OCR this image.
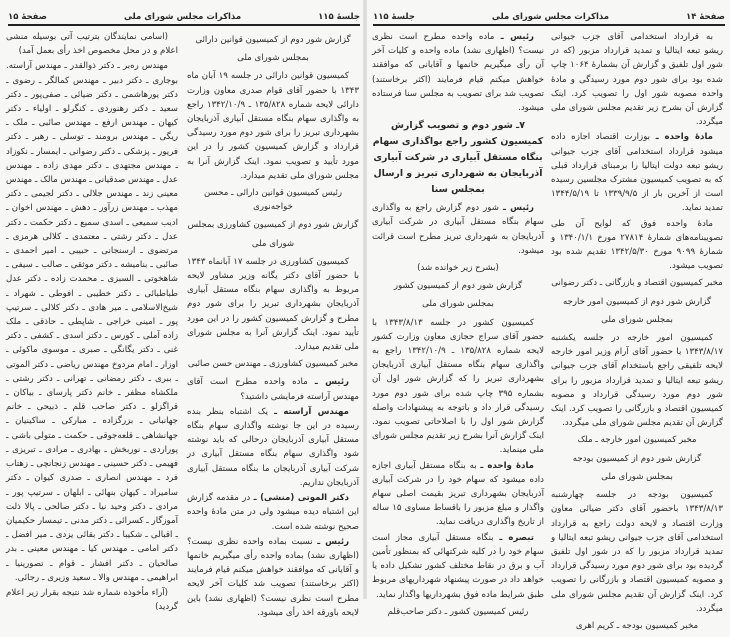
جلسهٔ ۱۱۵
مذاکرات مجلس شورای ملی
صفحهٔ ۱۵

گزارش شور دوم از کمیسیون قوانین دارائی

بمجلس شورای ملی

کمیسیون قوانین دارائی در جلسه ۱۹ آبان ماه ۱۳۴۳ با حضور آقای قوام صدری معاون وزارت دارائی لایحه شماره ۱۳۵/۸۲۸ ـ ۱۳۴۲/۱۰/۹ راجع به واگذاری سهام بنگاه مستقل آبیاری آذربایجان بشهرداری تبریز را برای شور دوم مورد رسیدگی قرارداد و گزارش کمیسیون کشور را در این مورد تأیید و تصویب نمود. اینک گزارش آنرا به مجلس شورای ملی تقدیم میدارد.

رئیس کمیسیون قوانین دارائی ـ محسن خواجه‌نوری

گزارش شور دوم از کمیسیون کشاورزی بمجلس

شورای ملی

کمیسیون کشاورزی در جلسه ۱۷ آبانماه ۱۳۴۳ با حضور آقای دکتر یگانه وزیر مشاور لایحه مربوط به واگذاری سهام بنگاه مستقل آبیاری آذربایجان بشهرداری تبریز را برای شور دوم مطرح و گزارش کمیسیون کشور را در این مورد تأیید نمود. اینک گزارش آنرا به مجلس شورای ملی تقدیم میدارد.

مخبر کمیسیون کشاورزی ـ مهندس حسن صائبی

رئیس ـ ماده واحده مطرح است آقای مهندس آراسته فرمایشی داشتید؟

مهندس آراسته ـ یک اشتباه بنظر بنده رسیده در این جا نوشته واگذاری سهام بنگاه مستقل آبیاری آذربایجان درحالی که باید نوشته شود واگذاری سهام بنگاه مستقل آبیاری در شرکت آبیاری آذربایجان ما بنگاه مستقل آبیاری آذربایجان نداریم.

دکتر الموتی (منشی) ـ در مقدمه گزارش این اشتباه دیده میشود ولی در متن مادهٔ واحده صحیح نوشته شده است.

رئیس ـ نسبت بماده واحده نظری نیست؟ (اظهاری نشد) بماده واحده رأی میگیریم خانمها و آقایانی که موافقند خواهش میکنم قیام فرمایند (اکثر برخاستند) تصویب شد کلیات آخر لایحه مطرح است نظری نیست؟ (اظهاری نشد) باین لایحه باورقه اخذ رأی میشود.

(اسامی نمایندگان بترتیب آتی بوسیله منشی اعلام و در محل مخصوص اخذ رأی بعمل آمد)

مهندس ره‌بر ـ دکتر ذوالقدر ـ مهندس آراسته. بوجاری ـ دکتر دبیر ـ مهندس کمالگر ـ رضوی ـ دکتر یورهاشمی ـ دکتر ضیائی ـ صفی‌پور ـ دکتر سعید ـ دکتر رهنوردی ـ کنگرلو ـ اولیاء ـ دکتر کیهان ـ مهندس ارفع ـ مهندس صائبی ـ ملک ـ ریگی ـ مهندس برومند ـ توسلی ـ رهبر ـ دکتر فریور ـ پزشکی ـ دکتر رضوانی ـ ایمسار ـ نکوزاد ـ مهندس مجتهدی ـ دکتر مهدی زاده ـ مهندس عدل ـ مهندس صدقیانی ـ مهندس مالک ـ مهندس معینی زند ـ مهندس جلالی ـ دکتر لجیمی ـ دکتر مهذب ـ مهندس زرآور ـ دهش ـ مهندس اخوان ـ ادیب سمیعی ـ اسدی سمیع ـ دکتر حکمت ـ دکتر عدل ـ دکتر رشتی ـ معتمدی ـ کلالی هرمزی ـ مرتضوی ـ ارسنجانی ـ حبیبی ـ امیر احمدی ـ صائبی ـ بنامیشه ـ دکتر موثقی ـ صالب ـ سیفی ـ شاهخوتی ـ السبزی ـ محمدت زاده ـ دکتر عدل طباطبائی ـ دکتر خطیبی ـ افوطی ـ شهراد ـ شیخ‌الاسلامی ـ میر هادی ـ دکتر کلالی ـ سرتیپ پور ـ امینی خراجی ـ شاپطی ـ حاذقی ـ ملک زاده آملی ـ کورس ـ دکتر اسدی ـ کشفی ـ دکتر غنی ـ دکتر یگانگی ـ صبری ـ موسوی ماکوئی ـ اوزار ـ امام مردوخ مهندس ریاضی ـ دکتر الموتی ـ ببری ـ دکتر رمضانی ـ تهرانی ـ دکتر رشتی ـ ملکشاه مظفر ـ خانم دکتر پارسای ـ بیاکان ـ قراگزلو ـ دکتر صاحب قلم ـ ذبیحی ـ خانم جهانبانی ـ بزرگزاده ـ مبارکی ـ ساکینیان ـ جهانشاهی ـ قلعه‌جوقی ـ حکمت ـ متولی باشی ـ پوراردی ـ نوربخش ـ بهادری ـ مرادی ـ تبریزی ـ فهیمی ـ دکتر حسینی ـ مهندس زنجانچی ـ زهتاب فرد ـ مهندس انصاری ـ صدری کیوان ـ دکتر سامیراد ـ کیهان بنهائی ـ ابلهان ـ سرتیپ پور ـ مرادی ـ دکتر وحید نیا ـ دکتر صالحی ـ پالا ذلت آموزگار ـ کسرائی ـ دکتر مدنی ـ تیمسار حکیمیان ـ اقبالی ـ شکیبا ـ دکتر بقائی یزدی ـ میر افضل ـ دکتر امامی ـ مهندس کیا ـ مهندس معینی ـ بدر صالحیان ـ دکتر افشار ـ قوام ـ تصورینیا ـ ابراهیمی ـ مهندس والا ـ سعید وزیری ـ رجائی.

(آراء مأخوذه شماره شد نتیجه بقرار زیر اعلام گردید)

صفحهٔ ۱۴
مذاکرات مجلس شورای ملی
جلسهٔ ۱۱۵

به قرارداد استخدامی آقای جزب جیوانی ریشو تبعه ایتالیا و تمدید قرارداد مزبور (که در شور اول تلفیق و گزارش آن بشمارهٔ ۱۰۶۴ چاپ شده بود برای شور دوم مورد رسیدگی و مادهٔ واحده مصوبه شور اول را تصویب کرد. اینک گزارش آن بشرح زیر تقدیم مجلس شورای ملی میگردد.

مادهٔ واحده ـ بوزارت اقتصاد اجازه داده میشود قرارداد استخدامی آقای جزب جیوانی ریشو تبعه دولت ایتالیا را برمبنای قرارداد قبلی که به تصویب کمیسیون مشترک مجلسین رسیده است از آخرین بار از ۱۳۳۹/۹/۵ تا ۱۳۴۴/۵/۱۹ تمدید نماید.

مادهٔ واحده فوق که لوایح آن طی تصویبنامه‌های شمارهٔ ۲۷۸۱۴ مورخ ۱۳۴۰/۱/۱ و شمارهٔ ۹۰۹۹ مورخ ۱۳۴۲/۵/۳۰ تقدیم شده بود تصویب میشود.

مخبر کمیسیون اقتصاد و بازرگانی ـ دکتر رضوانی

گزارش شور دوم از کمیسیون امور خارجه

بمجلس شورای ملی

کمیسیون امور خارجه در جلسه یکشنبه ۱۳۴۳/۸/۱۷ با حضور آقای آرام وزیر امور خارجه لایحه تلفیقی راجع باستخدام آقای جزب جیوانی ریشو تبعه ایتالیا و تمدید قرارداد مزبور را برای شور دوم مورد رسیدگی قرارداد و مصوبه کمیسیون اقتصاد و بازرگانی را تصویب کرد. اینک گزارش آن تقدیم مجلس شورای ملی میگردد.

مخبر کمیسیون امور خارجه ـ ملک

گزارش شور دوم از کمیسیون بودجه

بمجلس شورای ملی

کمیسیون بودجه در جلسه چهارشنبه ۱۳۴۳/۸/۱۳ باحضور آقای دکتر ضیائی معاون وزارت اقتصاد و لایحه دولت راجع به قرارداد استخدامی آقای جزب جیوانی ریشو تبعه ایتالیا و تمدید قرارداد مزبور را که در شور اول تلفیق گردیده بود برای شور دوم مورد رسیدگی قرارداد و مصوبه کمیسیون اقتصاد و بازرگانی را تصویب کرد. اینک گزارش آن تقدیم مجلس شورای ملی میگردد.

مخبر کمیسیون بودجه ـ کریم اهری

رئیس ـ ماده واحده مطرح است نظری نیست؟ (اظهاری نشد) ماده واحده و کلیات آخر آن رأی میگیریم خانمها و آقایانی که موافقند خواهش میکنم قیام فرمایند (اکثر برخاستند) تصویب شد برای تصویب به مجلس سنا فرستاده میشود.

۷ـ شور دوم و تصویب گزارش کمیسیون کشور راجع بواگذاری سهام بنگاه مستقل آبیاری در شرکت آبیاری آذربایجان به شهرداری تبریز و ارسال بمجلس سنا

رئیس ـ شور دوم گزارش راجع به واگذاری سهام بنگاه مستقل آبیاری در شرکت آبیاری آذربایجان به شهرداری تبریز مطرح است قرائت میشود.

(بشرح زیر خوانده شد)

گزارش شور دوم از کمیسیون کشور

بمجلس شورای ملی

کمیسیون کشور در جلسه ۱۳۴۳/۸/۱۳ با حضور آقای سراج حجازی معاون وزارت کشور لایحه شماره ۱۳۵/۸۲۸ ـ ۱۳۴۲/۱۰/۹ راجع به واگذاری سهام بنگاه مستقل آبیاری آذربایجان بشهرداری تبریز را که گزارش شور اول آن بشماره ۳۹۵ چاپ شده برای شور دوم مورد رسیدگی قرار داد و باتوجه به پیشنهادات واصله گزارش شور اول را با اصلاحاتی تصویب نمود. اینک گزارش آنرا بشرح زیر تقدیم مجلس شورای ملی مینماید.

مادهٔ واحده ـ به بنگاه مستقل آبیاری اجازه داده میشود که سهام خود را در شرکت آبیاری آذربایجان بشهرداری تبریز بقیمت اصلی سهام واگذار و مبلغ مزبور را باقساط مساوی ۱۵ ساله از تاریخ واگذاری دریافت نماید.

تبصره ـ بنگاه مستقل آبیاری مجاز است سهام خود را در کلیه شرکتهائی که بمنظور تأمین آب و برق در نقاط مختلف کشور تشکیل داده یا خواهد داد در صورت پیشنهاد شهرداریهای مربوط طبق شرایط ماده فوق بشهرداریها واگذار نماید.

رئیس کمیسیون کشور ـ دکتر صاحب‌قلم
